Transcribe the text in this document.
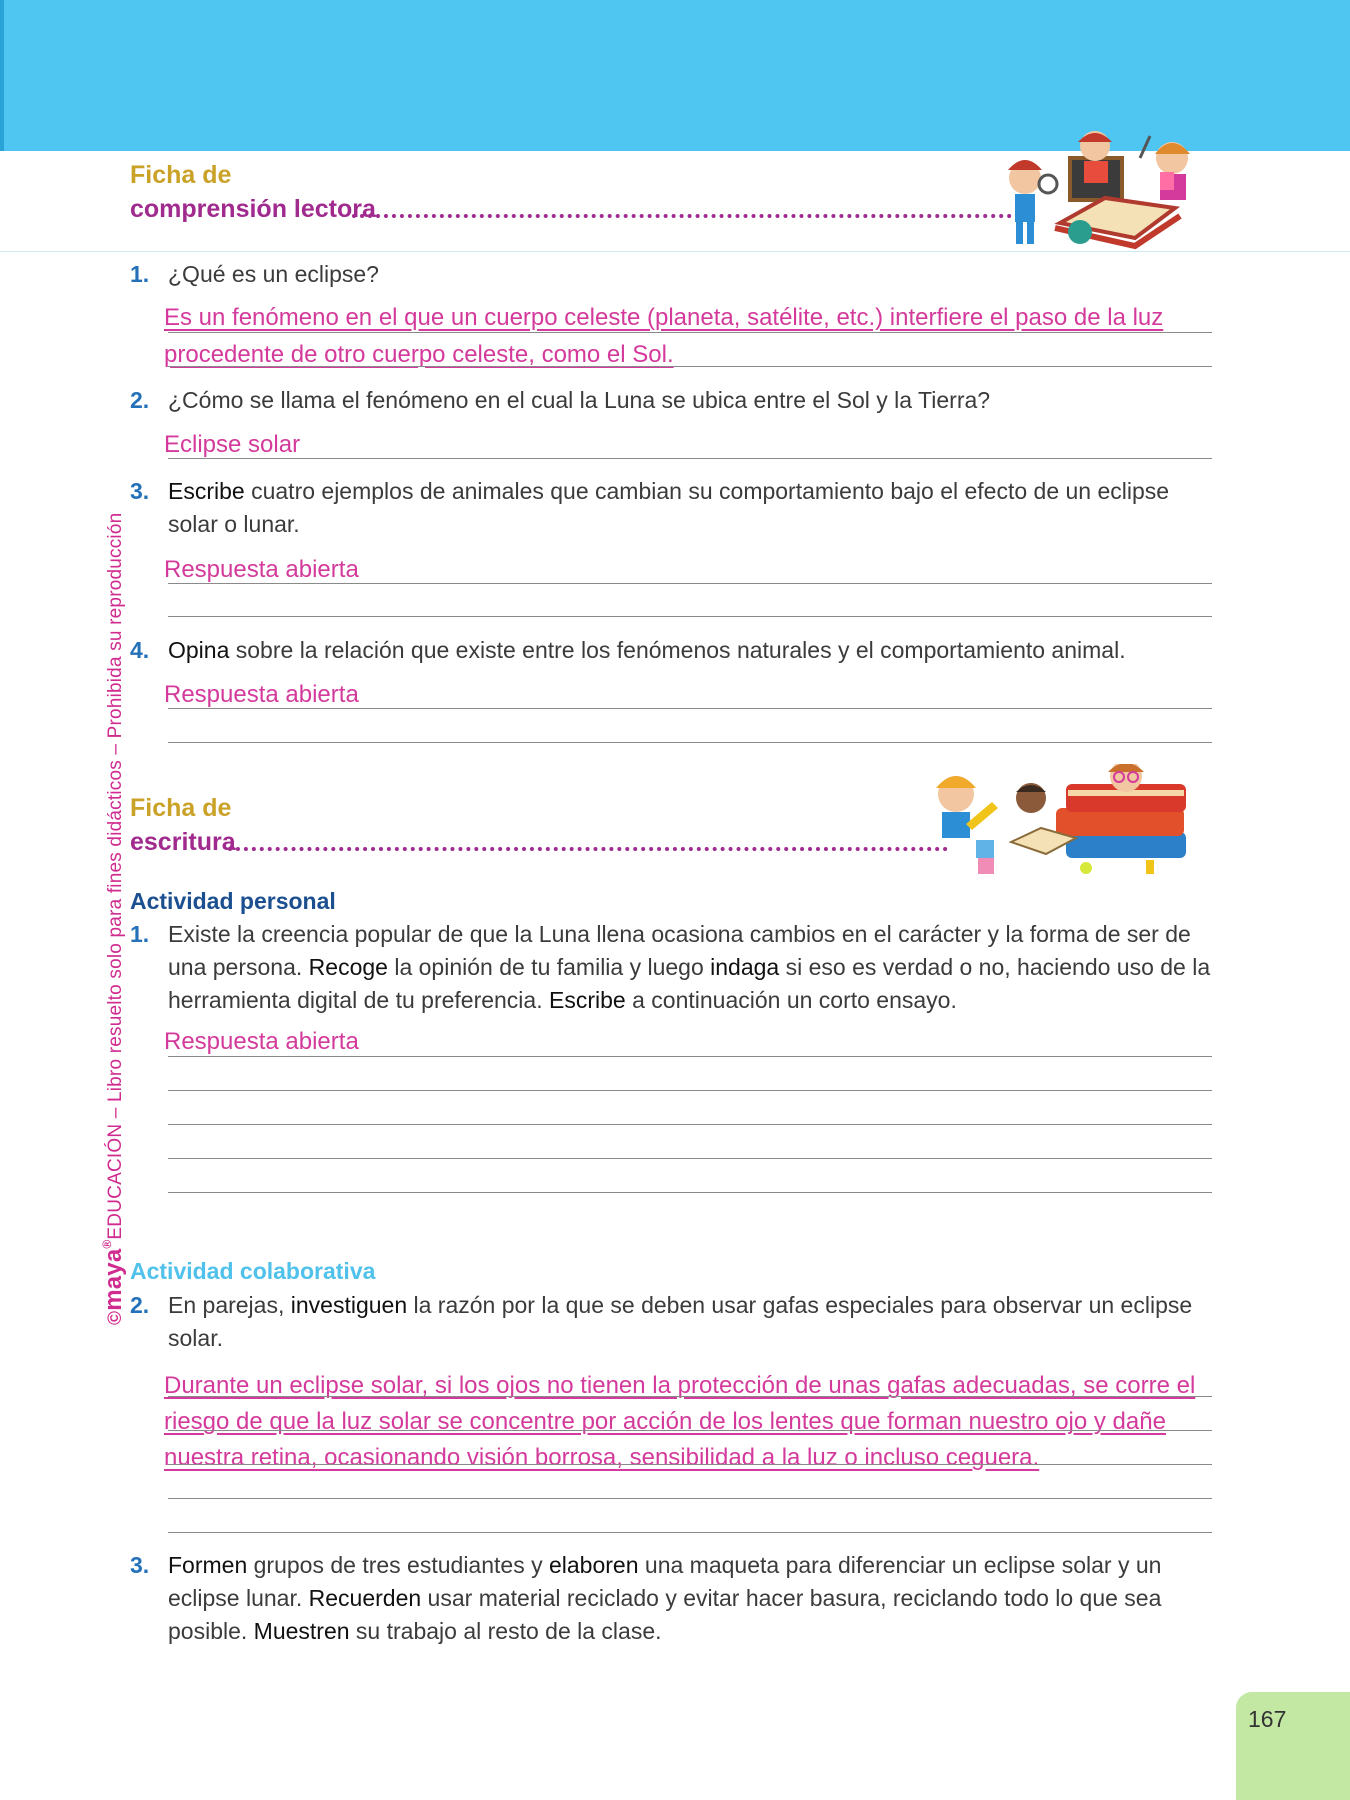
©maya®EDUCACIÓN – Libro resuelto solo para fines didácticos – Prohibida su reproducción
Ficha de
comprensión lectora
1. ¿Qué es un eclipse?
Es un fenómeno en el que un cuerpo celeste (planeta, satélite, etc.) interfiere el paso de la luz
procedente de otro cuerpo celeste, como el Sol.
2. ¿Cómo se llama el fenómeno en el cual la Luna se ubica entre el Sol y la Tierra?
Eclipse solar
3. Escribe cuatro ejemplos de animales que cambian su comportamiento bajo el efecto de un eclipse solar o lunar.
Respuesta abierta
4. Opina sobre la relación que existe entre los fenómenos naturales y el comportamiento animal.
Respuesta abierta
Ficha de
escritura
Actividad personal
1. Existe la creencia popular de que la Luna llena ocasiona cambios en el carácter y la forma de ser de una persona. Recoge la opinión de tu familia y luego indaga si eso es verdad o no, haciendo uso de la herramienta digital de tu preferencia. Escribe a continuación un corto ensayo.
Respuesta abierta
Actividad colaborativa
2. En parejas, investiguen la razón por la que se deben usar gafas especiales para observar un eclipse solar.
Durante un eclipse solar, si los ojos no tienen la protección de unas gafas adecuadas, se corre el
riesgo de que la luz solar se concentre por acción de los lentes que forman nuestro ojo y dañe
nuestra retina, ocasionando visión borrosa, sensibilidad a la luz o incluso ceguera.
3. Formen grupos de tres estudiantes y elaboren una maqueta para diferenciar un eclipse solar y un eclipse lunar. Recuerden usar material reciclado y evitar hacer basura, reciclando todo lo que sea posible. Muestren su trabajo al resto de la clase.
167
